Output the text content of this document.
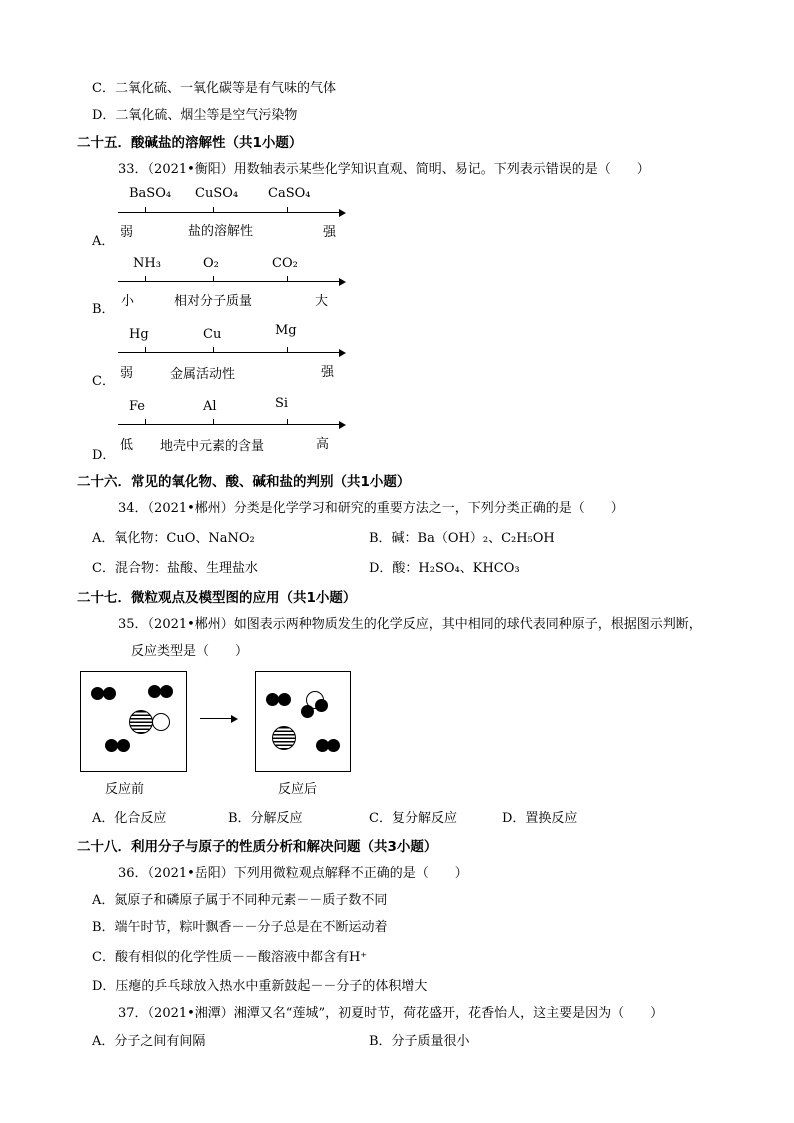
C．二氧化硫、一氧化碳等是有气味的气体
D．二氧化硫、烟尘等是空气污染物
二十五．酸碱盐的溶解性（共1小题）
33．（2021•衡阳）用数轴表示某些化学知识直观、简明、易记。下列表示错误的是（　　）
A．
BaSO₄ CuSO₄ CaSO₄
弱	盐的溶解性	强
B．
NH₃	O₂	CO₂
小	相对分子质量	大
C．
Hg	Cu	Mg
弱	金属活动性	强
D．
Fe	Al	Si
低 地壳中元素的含量	高
二十六．常见的氧化物、酸、碱和盐的判别（共1小题）
34．（2021•郴州）分类是化学学习和研究的重要方法之一，下列分类正确的是（　　）
A．氧化物：CuO、NaNO₂	B．碱：Ba（OH）₂、C₂H₅OH
C．混合物：盐酸、生理盐水	D．酸：H₂SO₄、KHCO₃
二十七．微粒观点及模型图的应用（共1小题）
35．（2021•郴州）如图表示两种物质发生的化学反应，其中相同的球代表同种原子，根据图示判断，
反应类型是（　　）
反应前	反应后
A．化合反应	B．分解反应	C．复分解反应	D．置换反应
二十八．利用分子与原子的性质分析和解决问题（共3小题）
36．（2021•岳阳）下列用微粒观点解释不正确的是（　　）
A．氮原子和磷原子属于不同种元素－－质子数不同
B．端午时节，粽叶飘香－－分子总是在不断运动着
C．酸有相似的化学性质－－酸溶液中都含有H⁺
D．压瘪的乒乓球放入热水中重新鼓起－－分子的体积增大
37．（2021•湘潭）湘潭又名“莲城”，初夏时节，荷花盛开，花香怡人，这主要是因为（　　）
A．分子之间有间隔	B．分子质量很小
